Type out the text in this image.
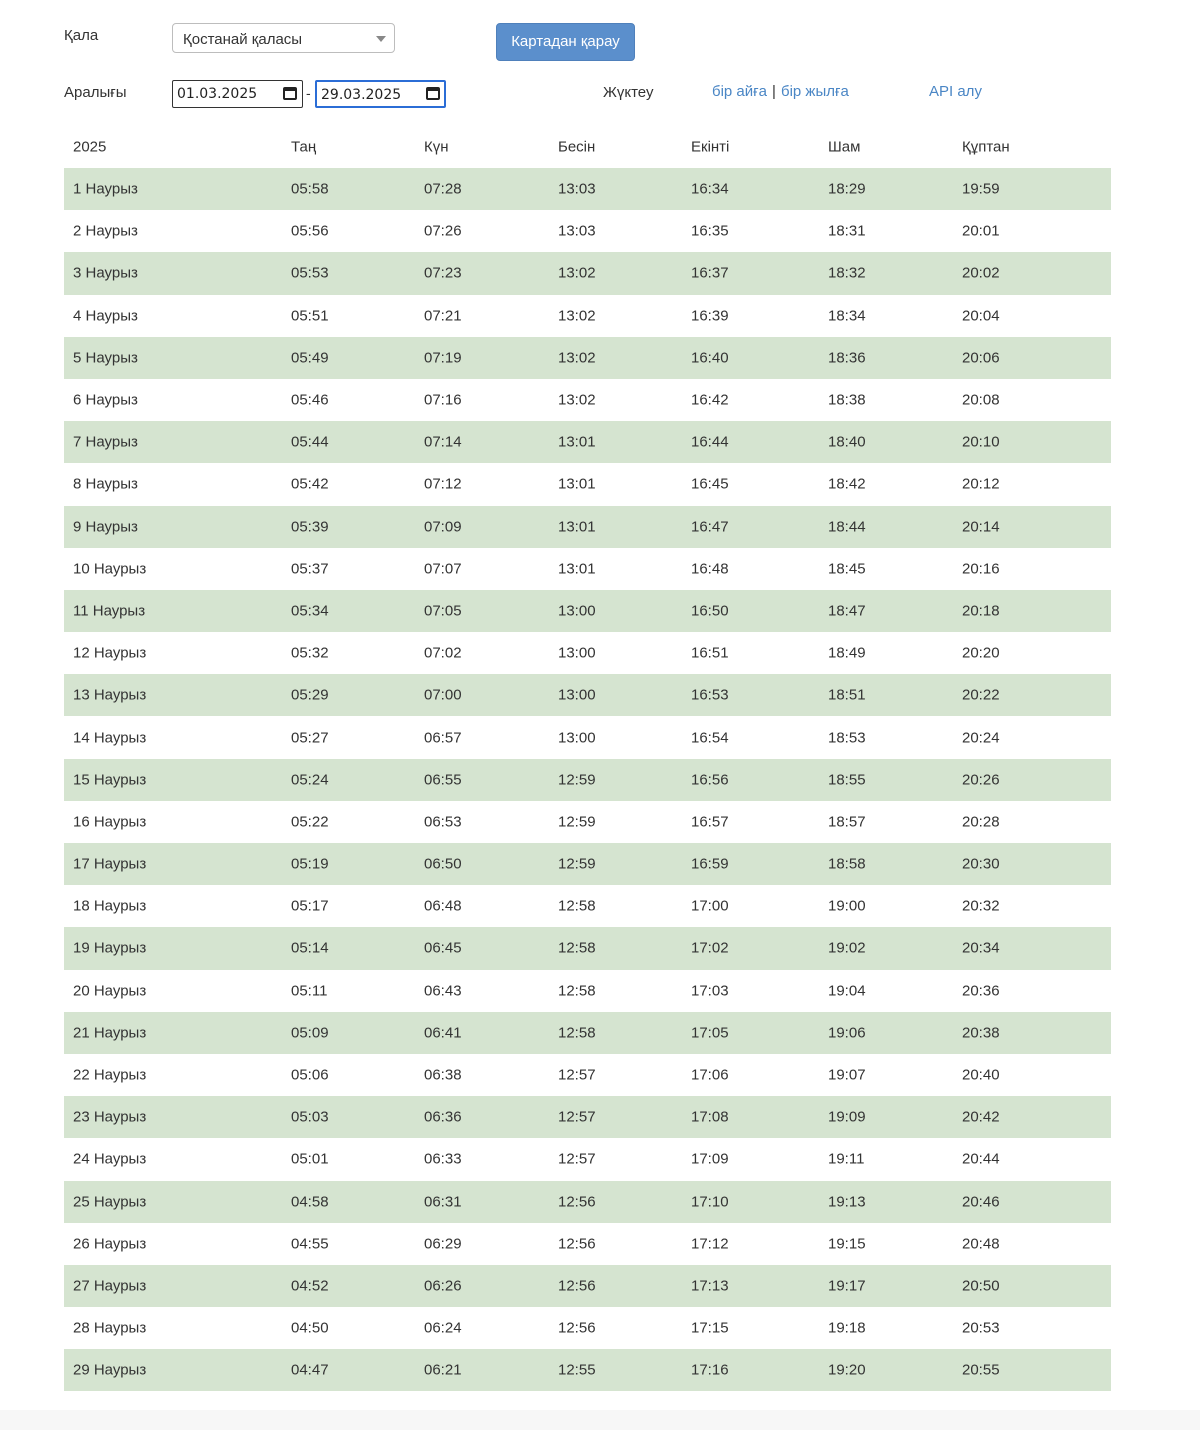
Қала	Қостанай қаласы	Картадан қарау
Аралығы	01.03.2025	- 29.03.2025	Жүктеу	бір айға | бір жылға	API алу
2025	Таң	Күн	Бесін	Екінті	Шам	Құптан
1 Наурыз	05:58	07:28	13:03	16:34	18:29	19:59
2 Наурыз	05:56	07:26	13:03	16:35	18:31	20:01
3 Наурыз	05:53	07:23	13:02	16:37	18:32	20:02
4 Наурыз	05:51	07:21	13:02	16:39	18:34	20:04
5 Наурыз	05:49	07:19	13:02	16:40	18:36	20:06
6 Наурыз	05:46	07:16	13:02	16:42	18:38	20:08
7 Наурыз	05:44	07:14	13:01	16:44	18:40	20:10
8 Наурыз	05:42	07:12	13:01	16:45	18:42	20:12
9 Наурыз	05:39	07:09	13:01	16:47	18:44	20:14
10 Наурыз	05:37	07:07	13:01	16:48	18:45	20:16
11 Наурыз	05:34	07:05	13:00	16:50	18:47	20:18
12 Наурыз	05:32	07:02	13:00	16:51	18:49	20:20
13 Наурыз	05:29	07:00	13:00	16:53	18:51	20:22
14 Наурыз	05:27	06:57	13:00	16:54	18:53	20:24
15 Наурыз	05:24	06:55	12:59	16:56	18:55	20:26
16 Наурыз	05:22	06:53	12:59	16:57	18:57	20:28
17 Наурыз	05:19	06:50	12:59	16:59	18:58	20:30
18 Наурыз	05:17	06:48	12:58	17:00	19:00	20:32
19 Наурыз	05:14	06:45	12:58	17:02	19:02	20:34
20 Наурыз	05:11	06:43	12:58	17:03	19:04	20:36
21 Наурыз	05:09	06:41	12:58	17:05	19:06	20:38
22 Наурыз	05:06	06:38	12:57	17:06	19:07	20:40
23 Наурыз	05:03	06:36	12:57	17:08	19:09	20:42
24 Наурыз	05:01	06:33	12:57	17:09	19:11	20:44
25 Наурыз	04:58	06:31	12:56	17:10	19:13	20:46
26 Наурыз	04:55	06:29	12:56	17:12	19:15	20:48
27 Наурыз	04:52	06:26	12:56	17:13	19:17	20:50
28 Наурыз	04:50	06:24	12:56	17:15	19:18	20:53
29 Наурыз	04:47	06:21	12:55	17:16	19:20	20:55
